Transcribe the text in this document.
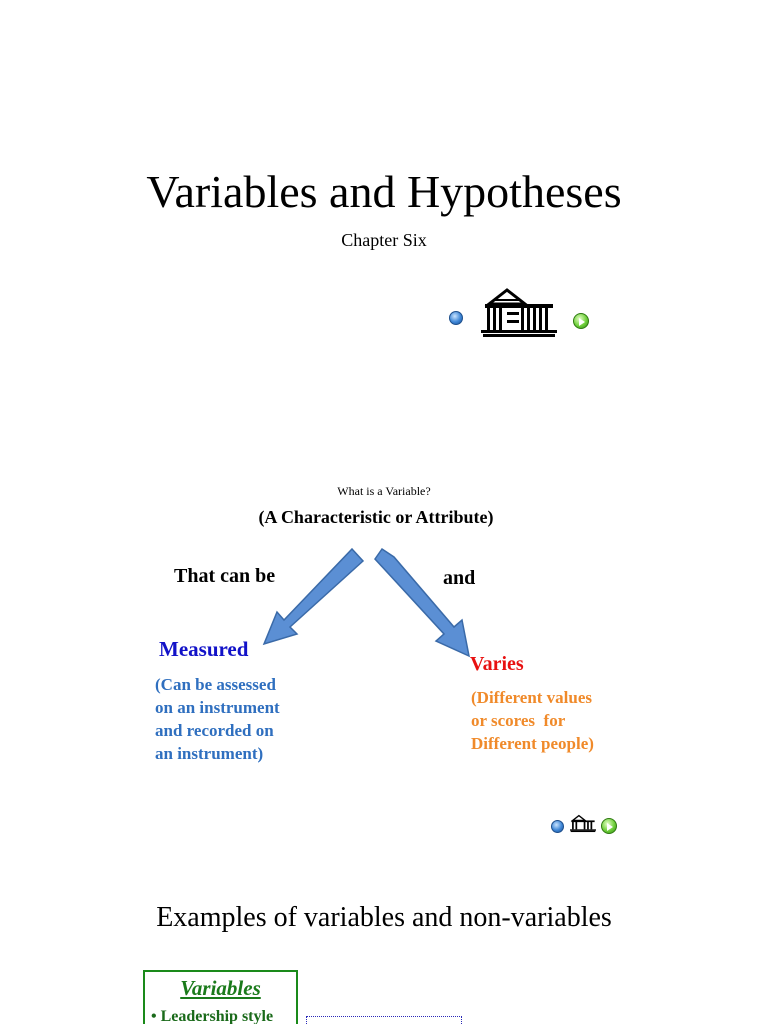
Variables and Hypotheses
Chapter Six
What is a Variable?
(A Characteristic or Attribute)
That can be	and
Measured
(Can be assessed
on an instrument
and recorded on
an instrument)
Varies
(Different values
or scores  for
Different people)
Examples of variables and non-variables
Variables
• Leadership style
